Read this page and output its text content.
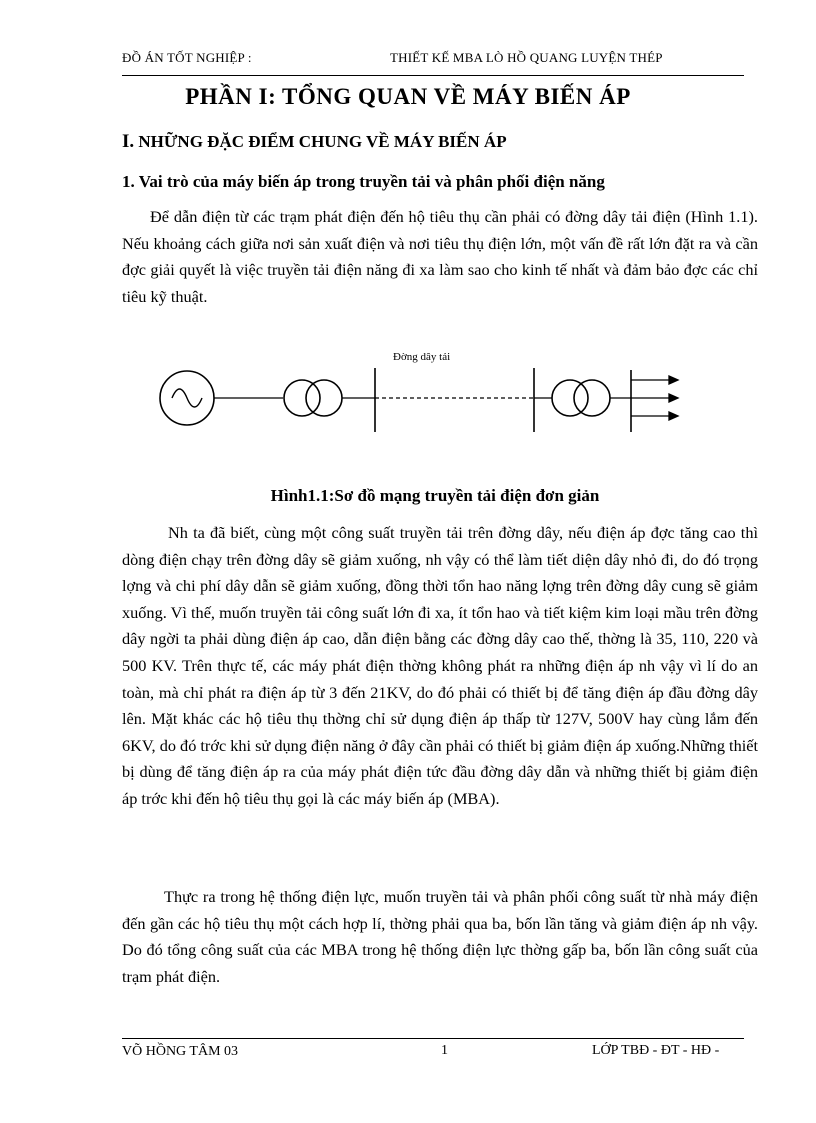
ĐỒ ÁN TỐT NGHIỆP :	THIẾT KẾ MBA LÒ HỒ QUANG LUYỆN THÉP
PHẦN I: TỔNG QUAN VỀ MÁY BIẾN ÁP
I. NHỮNG ĐẶC ĐIỂM CHUNG VỀ MÁY BIẾN ÁP
1. Vai trò của máy biến áp trong truyền tải và phân phối điện năng

Để dẫn điện từ các trạm phát điện đến hộ tiêu thụ cần phải có đờng dây tải điện (Hình 1.1). Nếu khoảng cách giữa nơi sản xuất điện và nơi tiêu thụ điện lớn, một vấn đề rất lớn đặt ra và cần đợc giải quyết là việc truyền tải điện năng đi xa làm sao cho kinh tế nhất và đảm bảo đợc các chỉ tiêu kỹ thuật.

Đờng dây tải
Hình1.1:Sơ đồ mạng truyền tải điện đơn giản

Nh ta đã biết, cùng một công suất truyền tải trên đờng dây, nếu điện áp đợc tăng cao thì dòng điện chạy trên đờng dây sẽ giảm xuống, nh vậy có thể làm tiết diện dây nhỏ đi, do đó trọng lợng và chi phí dây dẫn sẽ giảm xuống, đồng thời tổn hao năng lợng trên đờng dây cung sẽ giảm xuống. Vì thế, muốn truyền tải công suất lớn đi xa, ít tổn hao và tiết kiệm kim loại mầu trên đờng dây ngời ta phải dùng điện áp cao, dẫn điện bằng các đờng dây cao thế, thờng là 35, 110, 220 và 500 KV. Trên thực tế, các máy phát điện thờng không phát ra những điện áp nh vậy vì lí do an toàn, mà chỉ phát ra điện áp từ 3 đến 21KV, do đó phải có thiết bị để tăng điện áp đầu đờng dây lên. Mặt khác các hộ tiêu thụ thờng chỉ sử dụng điện áp thấp từ 127V, 500V hay cùng lắm đến 6KV, do đó trớc khi sử dụng điện năng ở đây cần phải có thiết bị giảm điện áp xuống.Những thiết bị dùng để tăng điện áp ra của máy phát điện tức đầu đờng dây dẫn và những thiết bị giảm điện áp trớc khi đến hộ tiêu thụ gọi là các máy biến áp (MBA).

Thực ra trong hệ thống điện lực, muốn truyền tải và phân phối công suất từ nhà máy điện đến gần các hộ tiêu thụ một cách hợp lí, thờng phải qua ba, bốn lần tăng và giảm điện áp nh vậy. Do đó tổng công suất của các MBA trong hệ thống điện lực thờng gấp ba, bốn lần công suất của trạm phát điện.

VÕ HỒNG TÂM 03	1	LỚP TBĐ - ĐT - HĐ -
